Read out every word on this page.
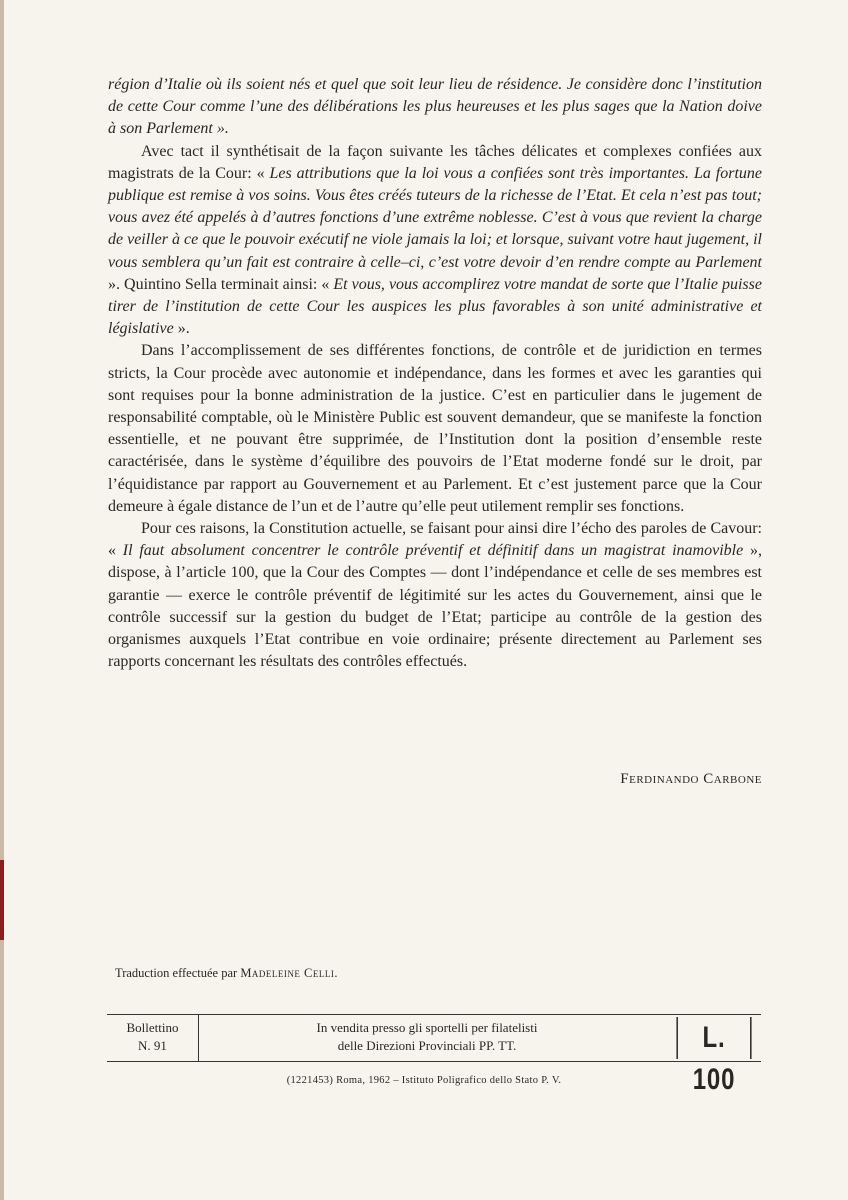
région d’Italie où ils soient nés et quel que soit leur lieu de résidence. Je considère donc l’institution de cette Cour comme l’une des délibérations les plus heureuses et les plus sages que la Nation doive à son Parlement ».

Avec tact il synthétisait de la façon suivante les tâches délicates et complexes confiées aux magistrats de la Cour: « Les attributions que la loi vous a confiées sont très importantes. La fortune publique est remise à vos soins. Vous êtes créés tuteurs de la richesse de l’Etat. Et cela n’est pas tout; vous avez été appelés à d’autres fonctions d’une extrême noblesse. C’est à vous que revient la charge de veiller à ce que le pouvoir exécutif ne viole jamais la loi; et lorsque, suivant votre haut jugement, il vous semblera qu’un fait est contraire à celle–ci, c’est votre devoir d’en rendre compte au Parlement ». Quintino Sella terminait ainsi: « Et vous, vous accomplirez votre mandat de sorte que l’Italie puisse tirer de l’institution de cette Cour les auspices les plus favorables à son unité administrative et législative ».

Dans l’accomplissement de ses différentes fonctions, de contrôle et de juridiction en termes stricts, la Cour procède avec autonomie et indépendance, dans les formes et avec les garanties qui sont requises pour la bonne administration de la justice. C’est en particulier dans le jugement de responsabilité comptable, où le Ministère Public est souvent demandeur, que se manifeste la fonction essentielle, et ne pouvant être supprimée, de l’Institution dont la position d’ensemble reste caractérisée, dans le système d’équilibre des pouvoirs de l’Etat moderne fondé sur le droit, par l’équidistance par rapport au Gouvernement et au Parlement. Et c’est justement parce que la Cour demeure à égale distance de l’un et de l’autre qu’elle peut utilement remplir ses fonctions.

Pour ces raisons, la Constitution actuelle, se faisant pour ainsi dire l’écho des paroles de Cavour: « Il faut absolument concentrer le contrôle préventif et définitif dans un magistrat inamovible », dispose, à l’article 100, que la Cour des Comptes — dont l’indépendance et celle de ses membres est garantie — exerce le contrôle préventif de légitimité sur les actes du Gouvernement, ainsi que le contrôle successif sur la gestion du budget de l’Etat; participe au contrôle de la gestion des organismes auxquels l’Etat contribue en voie ordinaire; présente directement au Parlement ses rapports concernant les résultats des contrôles effectués.

Ferdinando Carbone
Traduction effectuée par Madeleine Celli.
Bollettino
N. 91
In vendita presso gli sportelli per filatelisti
delle Direzioni Provinciali PP. TT.	L. 100
(1221453) Roma, 1962 – Istituto Poligrafico dello Stato P. V.
